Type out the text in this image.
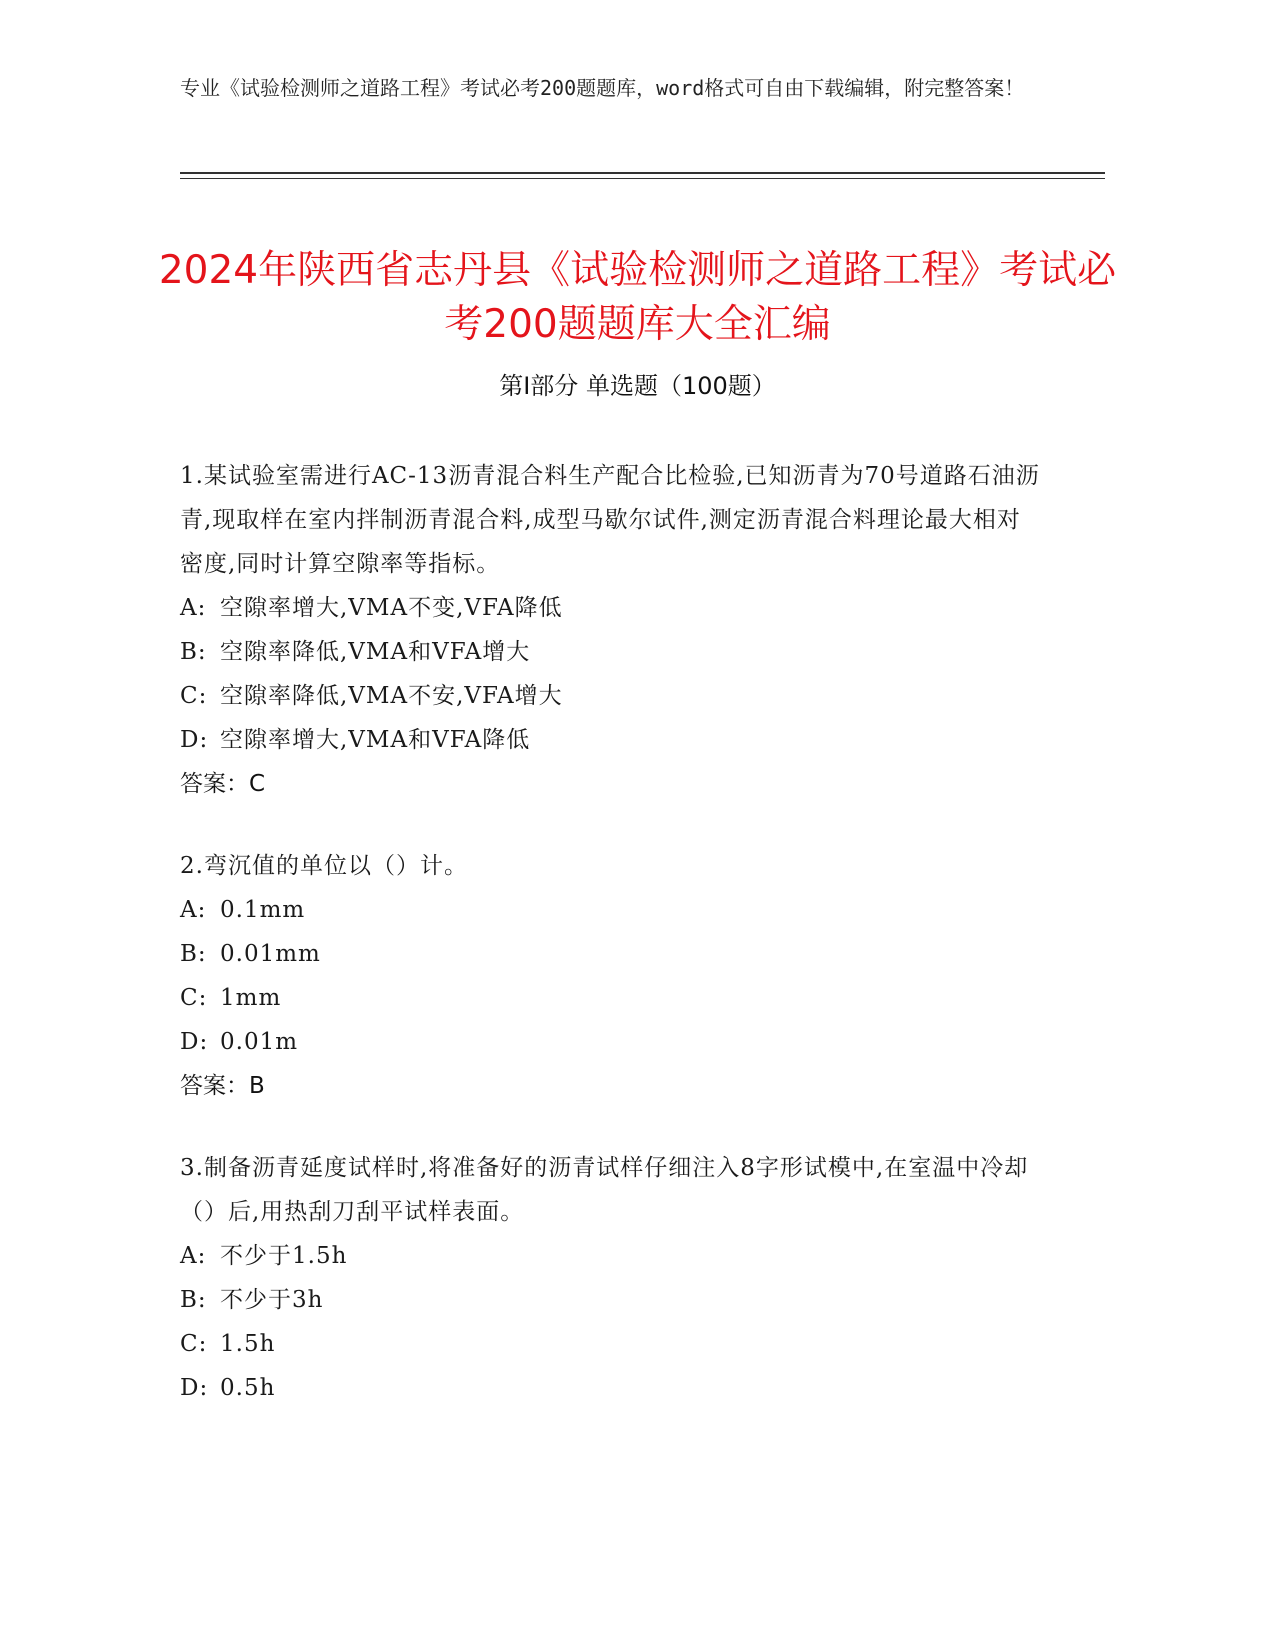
专业《试验检测师之道路工程》考试必考200题题库，word格式可自由下载编辑，附完整答案！
2024年陕西省志丹县《试验检测师之道路工程》考试必考200题题库大全汇编
第I部分 单选题（100题）
1.某试验室需进行AC-13沥青混合料生产配合比检验,已知沥青为70号道路石油沥青,现取样在室内拌制沥青混合料,成型马歇尔试件,测定沥青混合料理论最大相对密度,同时计算空隙率等指标。
A: 空隙率增大,VMA不变,VFA降低
B: 空隙率降低,VMA和VFA增大
C: 空隙率降低,VMA不安,VFA增大
D: 空隙率增大,VMA和VFA降低
答案：C
2.弯沉值的单位以（）计。
A: 0.1mm
B: 0.01mm
C: 1mm
D: 0.01m
答案：B
3.制备沥青延度试样时,将准备好的沥青试样仔细注入8字形试模中,在室温中冷却（）后,用热刮刀刮平试样表面。
A: 不少于1.5h
B: 不少于3h
C: 1.5h
D: 0.5h
